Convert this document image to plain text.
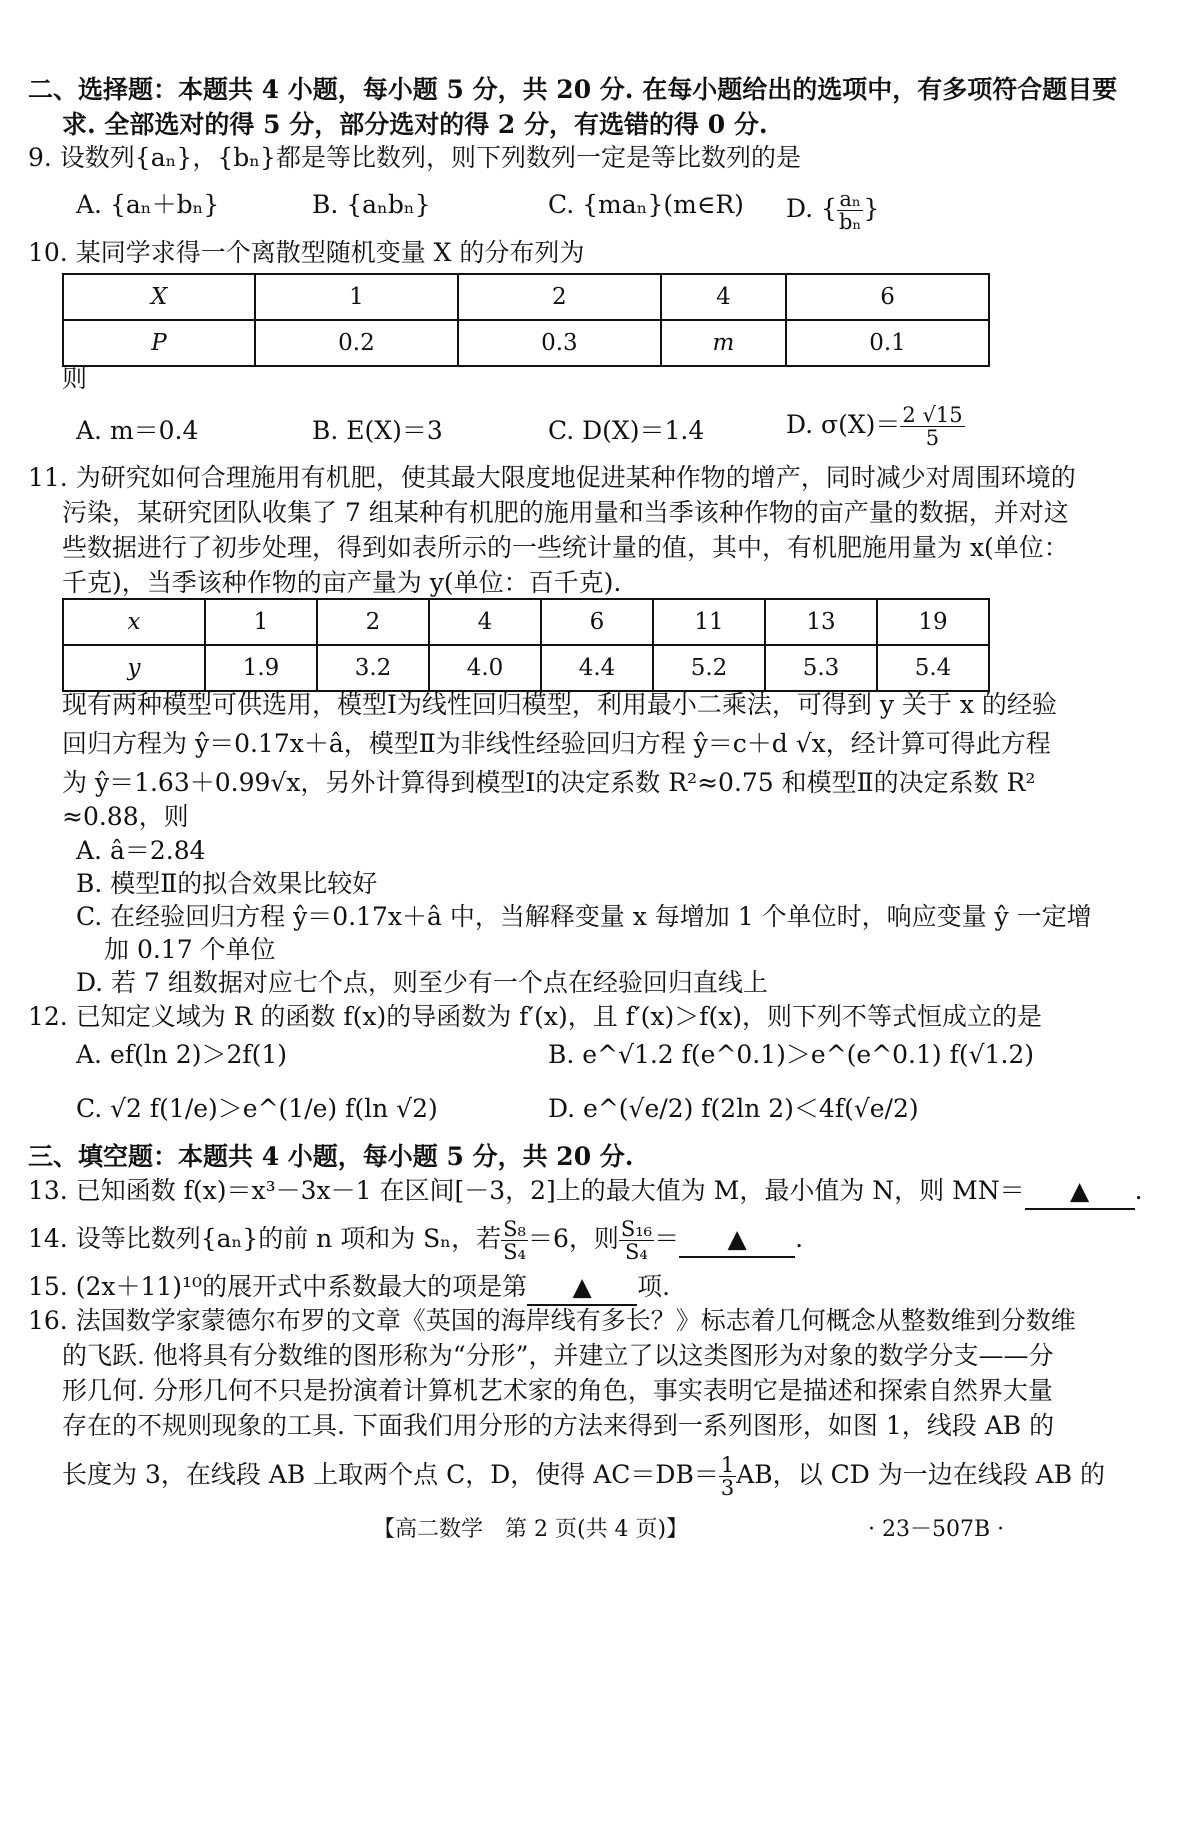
二、选择题：本题共 4 小题，每小题 5 分，共 20 分. 在每小题给出的选项中，有多项符合题目要
求. 全部选对的得 5 分，部分选对的得 2 分，有选错的得 0 分.
9. 设数列{aₙ}，{bₙ}都是等比数列，则下列数列一定是等比数列的是
A. {aₙ＋bₙ}	B. {aₙbₙ}	C. {maₙ}(m∈R) D. { $\frac{\text{aₙ}}{\text{bₙ}}$ }
10. 某同学求得一个离散型随机变量 X 的分布列为
X	1	2	4	6
P	0.2	0.3	m	0.1
则
A. m＝0.4	B. E(X)＝3	C. D(X)＝1.4	D. $\sigma(X)= \frac{2 √15}{5}$
11. 为研究如何合理施用有机肥，使其最大限度地促进某种作物的增产，同时减少对周围环境的
污染，某研究团队收集了 7 组某种有机肥的施用量和当季该种作物的亩产量的数据，并对这
些数据进行了初步处理，得到如表所示的一些统计量的值，其中，有机肥施用量为 x(单位：
千克)，当季该种作物的亩产量为 y(单位：百千克).
x	1	2	4	6	11	13	19
y	1.9	3.2	4.0	4.4	5.2	5.3	5.4
现有两种模型可供选用，模型Ⅰ为线性回归模型，利用最小二乘法，可得到 y 关于 x 的经验
回归方程为 ŷ＝0.17x＋â，模型Ⅱ为非线性经验回归方程 ŷ＝c＋d √x，经计算可得此方程
为 ŷ＝1.63＋0.99√x，另外计算得到模型Ⅰ的决定系数 R²≈0.75 和模型Ⅱ的决定系数 R²
≈0.88，则
A. â＝2.84
B. 模型Ⅱ的拟合效果比较好
C. 在经验回归方程 ŷ＝0.17x＋â 中，当解释变量 x 每增加 1 个单位时，响应变量 ŷ 一定增
加 0.17 个单位
D. 若 7 组数据对应七个点，则至少有一个点在经验回归直线上
12. 已知定义域为 R 的函数 f(x)的导函数为 f′(x)，且 f′(x)＞f(x)，则下列不等式恒成立的是
A. ef(ln 2)＞2f(1)	B. e^√1.2 f(e^0.1)＞e^(e^0.1) f(√1.2)
C. √2 f(1/e)＞e^(1/e) f(ln √2)	D. e^(√e/2) f(2ln 2)＜4f(√e/2)
三、填空题：本题共 4 小题，每小题 5 分，共 20 分.
13. 已知函数 f(x)＝x³－3x－1 在区间[－3，2]上的最大值为 M，最小值为 N，则 MN＝ ▲ .
14. 设等比数列{aₙ}的前 n 项和为 Sₙ，若 $\frac{\text{S₈}}{\text{S₄}} =6$，则 $\frac{\text{S₁₆}}{\text{S₄}}$ ＝ ▲ .
15. (2x＋11)¹⁰的展开式中系数最大的项是第 ▲ 项.
16. 法国数学家蒙德尔布罗的文章《英国的海岸线有多长？》标志着几何概念从整数维到分数维
的飞跃. 他将具有分数维的图形称为“分形”，并建立了以这类图形为对象的数学分支——分
形几何. 分形几何不只是扮演着计算机艺术家的角色，事实表明它是描述和探索自然界大量
存在的不规则现象的工具. 下面我们用分形的方法来得到一系列图形，如图 1，线段 AB 的
长度为 3，在线段 AB 上取两个点 C，D，使得 $AC=DB= \frac{1}{3}$ AB，以 CD 为一边在线段 AB 的
【高二数学　第 2 页(共 4 页)】	· 23－507B ·
